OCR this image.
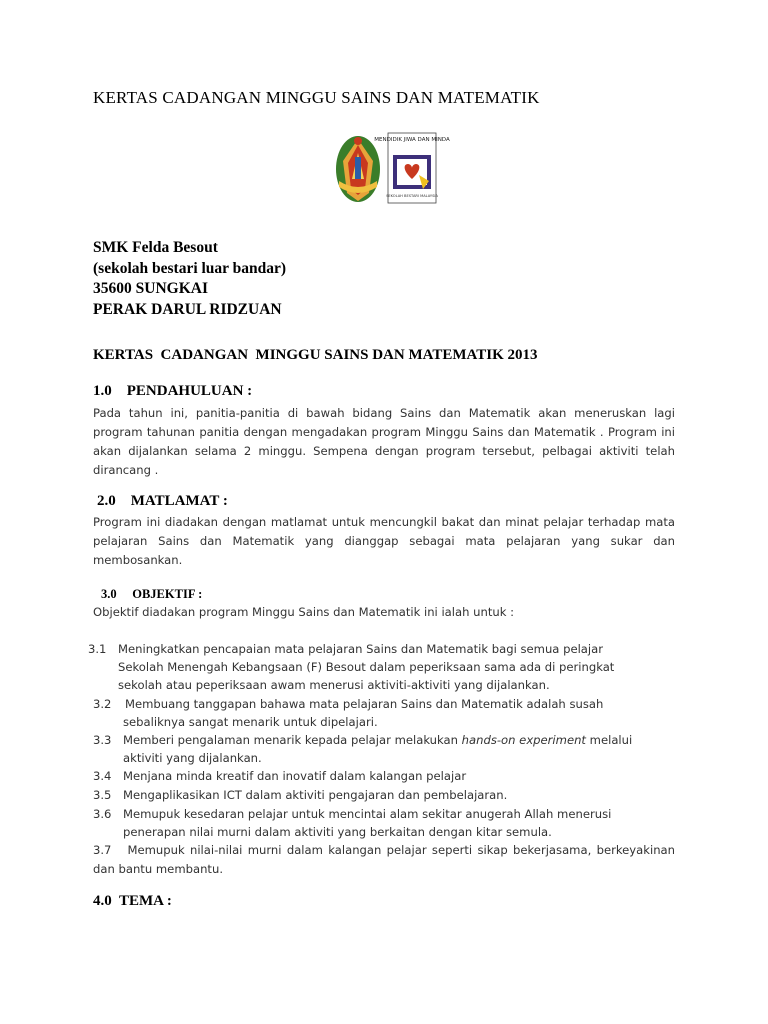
KERTAS CADANGAN MINGGU SAINS DAN MATEMATIK
MENDIDIK JIWA DAN MINDA
SEKOLAH BESTARI MALAYSIA
SMK Felda Besout
(sekolah bestari luar bandar)
35600 SUNGKAI
PERAK DARUL RIDZUAN
KERTAS  CADANGAN  MINGGU SAINS DAN MATEMATIK 2013
1.0    PENDAHULUAN :
Pada tahun ini, panitia-panitia di bawah bidang Sains dan Matematik akan meneruskan lagi program tahunan panitia dengan mengadakan program Minggu Sains dan Matematik . Program ini akan dijalankan selama 2 minggu. Sempena dengan program tersebut, pelbagai aktiviti telah dirancang .
2.0    MATLAMAT :
Program ini diadakan dengan matlamat untuk mencungkil bakat dan minat pelajar terhadap mata pelajaran Sains dan Matematik yang dianggap sebagai mata pelajaran yang sukar dan membosankan.
3.0     OBJEKTIF :
Objektif diadakan program Minggu Sains dan Matematik ini ialah untuk :
3.1 Meningkatkan pencapaian mata pelajaran Sains dan Matematik bagi semua pelajar
Sekolah Menengah Kebangsaan (F) Besout dalam peperiksaan sama ada di peringkat
sekolah atau peperiksaan awam menerusi aktiviti-aktiviti yang dijalankan.
3.2 Membuang tanggapan bahawa mata pelajaran Sains dan Matematik adalah susah
sebaliknya sangat menarik untuk dipelajari.
3.3 Memberi pengalaman menarik kepada pelajar melakukan hands-on experiment melalui
aktiviti yang dijalankan.
3.4 Menjana minda kreatif dan inovatif dalam kalangan pelajar
3.5 Mengaplikasikan ICT dalam aktiviti pengajaran dan pembelajaran.
3.6 Memupuk kesedaran pelajar untuk mencintai alam sekitar anugerah Allah menerusi
penerapan nilai murni dalam aktiviti yang berkaitan dengan kitar semula.
3.7 Memupuk nilai-nilai murni dalam kalangan pelajar seperti sikap bekerjasama, berkeyakinan
dan bantu membantu.
4.0  TEMA :
